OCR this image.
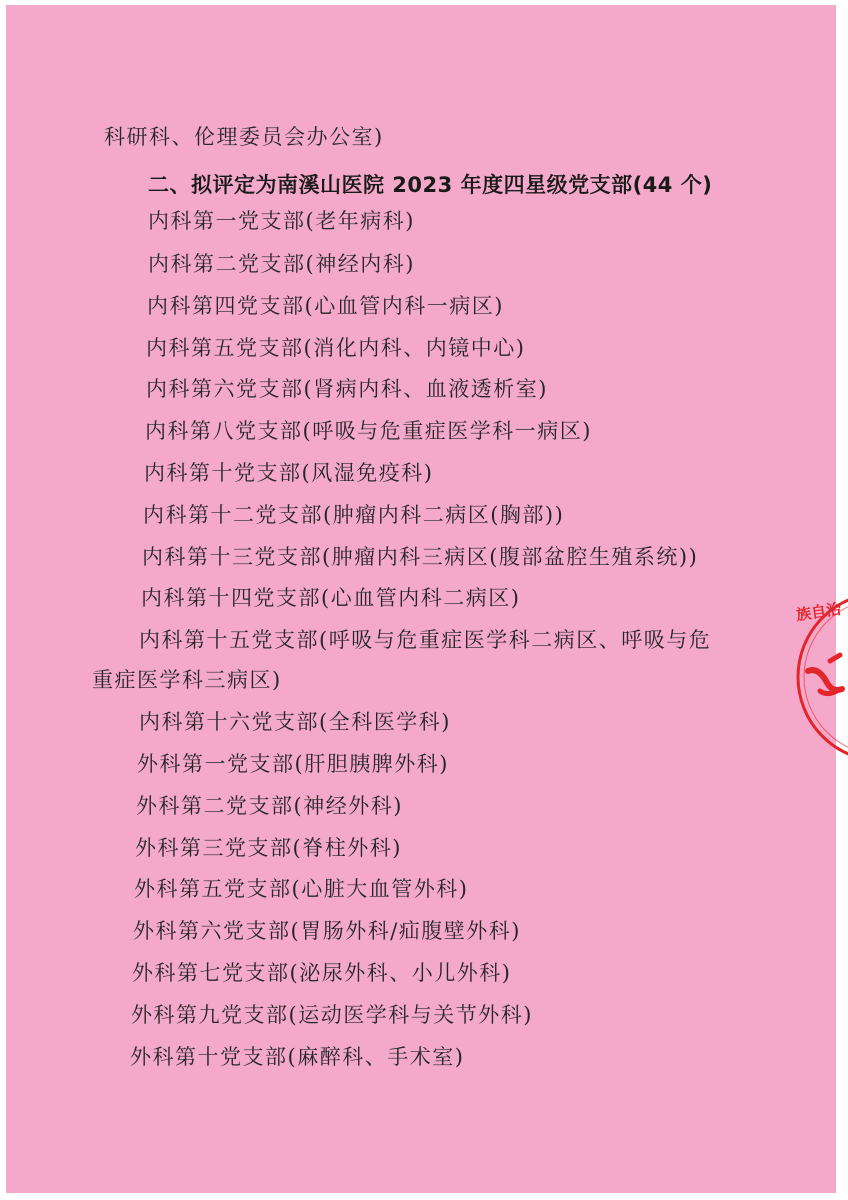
科研科、伦理委员会办公室)
二、拟评定为南溪山医院 2023 年度四星级党支部(44 个)
内科第一党支部(老年病科)
内科第二党支部(神经内科)
内科第四党支部(心血管内科一病区)
内科第五党支部(消化内科、内镜中心)
内科第六党支部(肾病内科、血液透析室)
内科第八党支部(呼吸与危重症医学科一病区)
内科第十党支部(风湿免疫科)
内科第十二党支部(肿瘤内科二病区(胸部))
内科第十三党支部(肿瘤内科三病区(腹部盆腔生殖系统))
内科第十四党支部(心血管内科二病区)
内科第十五党支部(呼吸与危重症医学科二病区、呼吸与危
重症医学科三病区)
内科第十六党支部(全科医学科)
外科第一党支部(肝胆胰脾外科)
外科第二党支部(神经外科)
外科第三党支部(脊柱外科)
外科第五党支部(心脏大血管外科)
外科第六党支部(胃肠外科/疝腹壁外科)
外科第七党支部(泌尿外科、小儿外科)
外科第九党支部(运动医学科与关节外科)
外科第十党支部(麻醉科、手术室)
族自治
